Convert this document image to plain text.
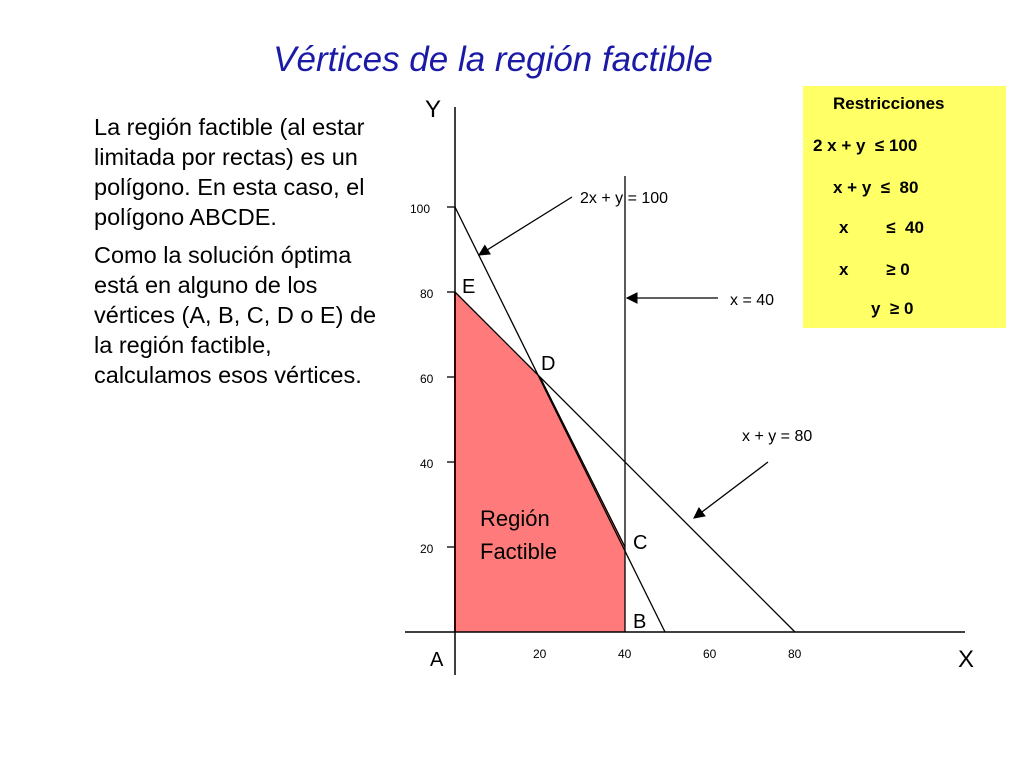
Vértices de la región factible

La región factible (al estar limitada por rectas) es un polígono. En esta caso, el polígono ABCDE.

Como la solución óptima está en alguno de los vértices (A, B, C, D o E) de la región factible, calculamos esos vértices.

Restricciones
2 x + y  ≤ 100
x + y  ≤  80
x        ≤  40
x        ≥ 0
y  ≥ 0
20
40
60
80
100
20	40	60	80
Y
X
A
B
C
D
E
Región
Factible
2x + y = 100
x = 40
x + y = 80
